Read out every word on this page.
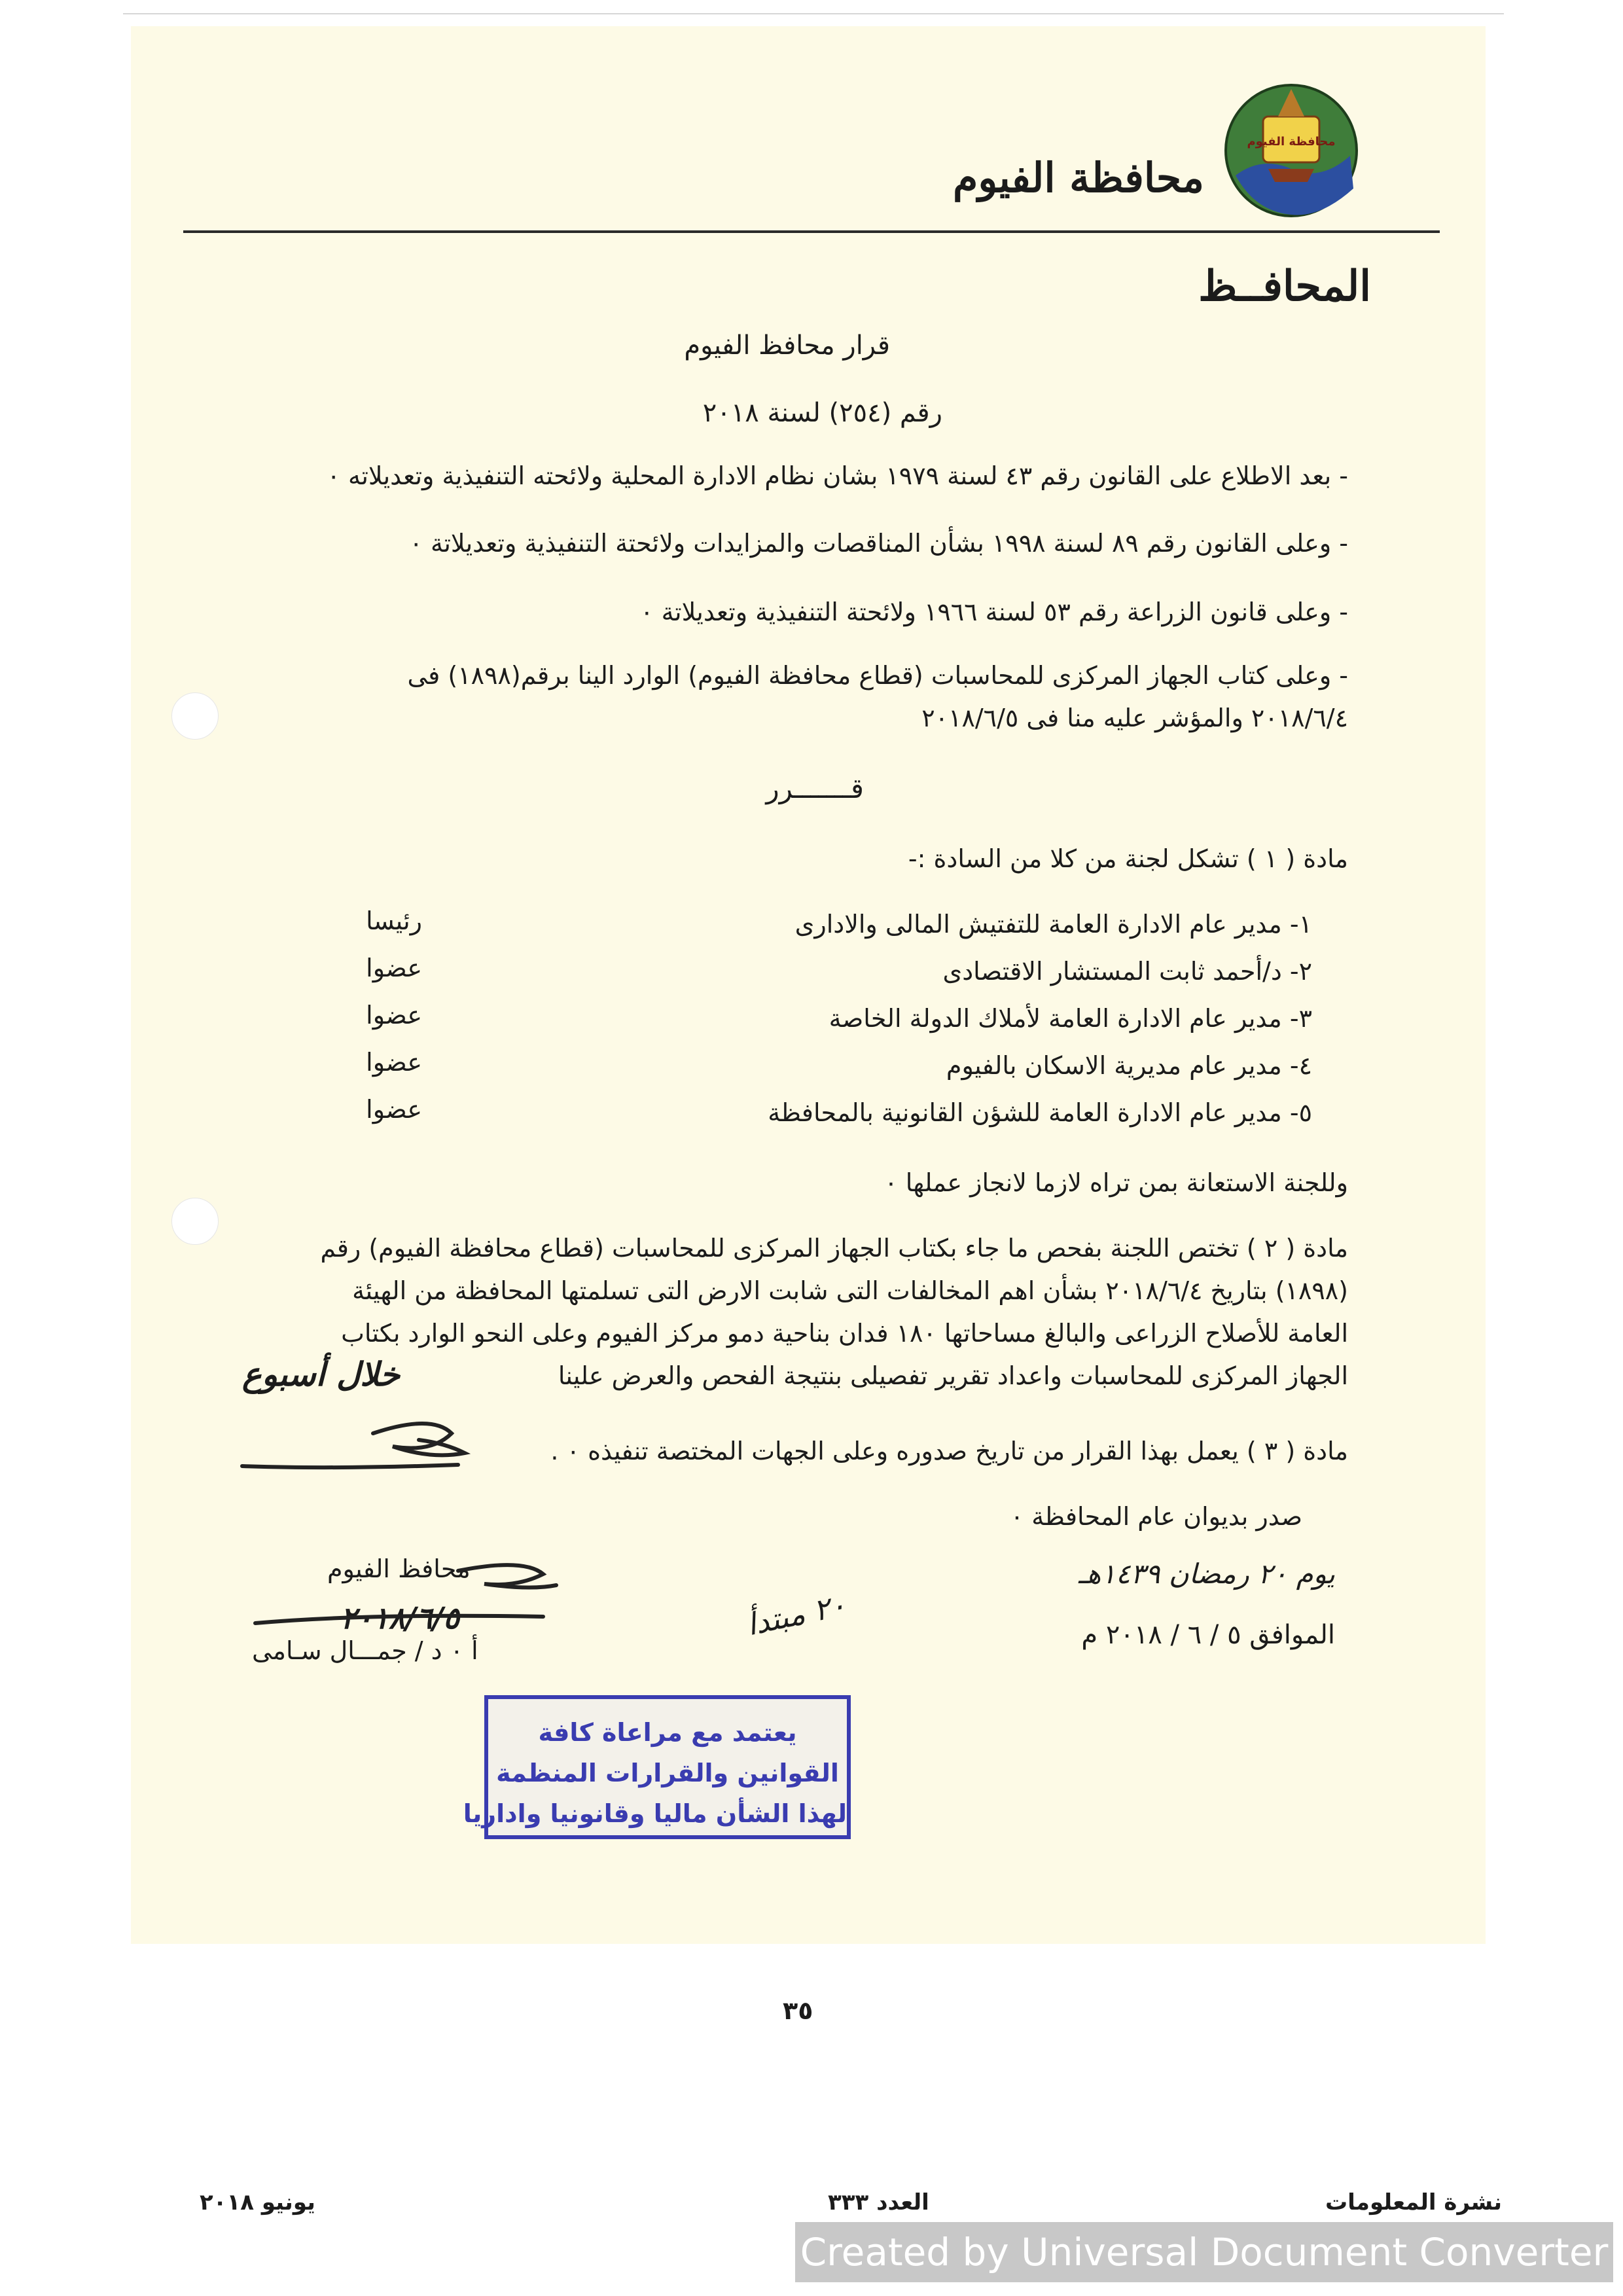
محافظة الفيوم
محافظة الفيوم
المحافــظ
قرار محافظ الفيوم
رقم (٢٥٤) لسنة ٢٠١٨
- بعد الاطلاع على القانون رقم ٤٣ لسنة ١٩٧٩ بشان نظام الادارة المحلية ولائحته التنفيذية وتعديلاته ٠
- وعلى القانون رقم ٨٩ لسنة ١٩٩٨ بشأن المناقصات والمزايدات ولائحتة التنفيذية وتعديلاتة ٠
- وعلى قانون الزراعة رقم ٥٣ لسنة ١٩٦٦ ولائحتة التنفيذية وتعديلاتة ٠
- وعلى كتاب الجهاز المركزى للمحاسبات (قطاع محافظة الفيوم) الوارد الينا برقم(١٨٩٨) فى
٢٠١٨/٦/٤ والمؤشر عليه منا فى ٢٠١٨/٦/٥
قـــــــرر
مادة ( ١ ) تشكل لجنة من كلا من السادة :-
١- مدير عام الادارة العامة للتفتيش المالى والادارى
رئيسا
٢- د/أحمد ثابت المستشار الاقتصادى
عضوا
٣- مدير عام الادارة العامة لأملاك الدولة الخاصة
عضوا
٤- مدير عام مديرية الاسكان بالفيوم
عضوا
٥- مدير عام الادارة العامة للشؤن القانونية بالمحافظة
عضوا
وللجنة الاستعانة بمن تراه لازما لانجاز عملها ٠
مادة ( ٢ ) تختص اللجنة بفحص ما جاء بكتاب الجهاز المركزى للمحاسبات (قطاع محافظة الفيوم) رقم
(١٨٩٨) بتاريخ ٢٠١٨/٦/٤ بشأن اهم المخالفات التى شابت الارض التى تسلمتها المحافظة من الهيئة
العامة للأصلاح الزراعى والبالغ مساحاتها ١٨٠ فدان بناحية دمو مركز الفيوم وعلى النحو الوارد بكتاب
الجهاز المركزى للمحاسبات واعداد تقرير تفصيلى بنتيجة الفحص والعرض علينا
خلال أسبوع
مادة ( ٣ ) يعمل بهذا القرار من تاريخ صدوره وعلى الجهات المختصة تنفيذه ٠ .
صدر بديوان عام المحافظة ٠
يوم ٢٠ رمضان ١٤٣٩هـ
الموافق ٥ / ٦ / ٢٠١٨ م
٢٠ مبتدأ
محافظ الفيوم
٢٠١٨/٦/٥
أ ٠ د / جمـــال سـامى
يعتمد مع مراعاة كافة
القوانين والقرارات المنظمة
لهذا الشأن ماليا وقانونيا واداريا
٣٥
نشرة المعلومات
العدد ٣٣٣
يونيو ٢٠١٨
Created by Universal Document Converter
